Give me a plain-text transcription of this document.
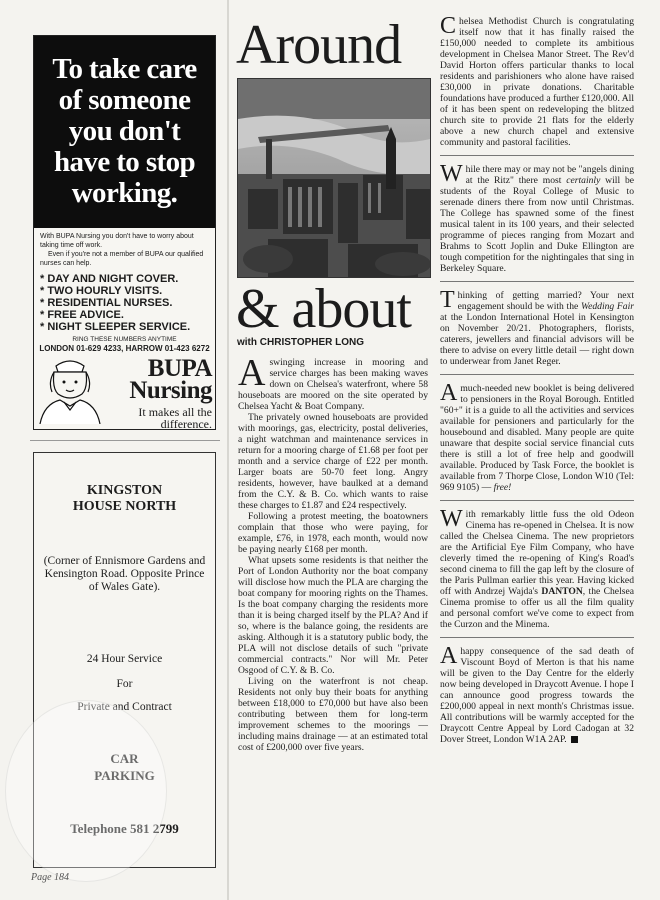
To take care of someone you don't have to stop working.
With BUPA Nursing you don't have to worry about taking time off work.
Even if you're not a member of BUPA our qualified nurses can help.
* DAY AND NIGHT COVER.
* TWO HOURLY VISITS.
* RESIDENTIAL NURSES.
* FREE ADVICE.
* NIGHT SLEEPER SERVICE.
RING THESE NUMBERS ANYTIME
LONDON 01-629 4233, HARROW 01-423 6272
BUPA
Nursing
It makes all the difference.
KINGSTON HOUSE NORTH
(Corner of Ennismore Gardens and Kensington Road. Opposite Prince of Wales Gate).
24 Hour Service
For
Private and Contract
CAR
PARKING
Telephone 581 2799
Page 184
Around
& about
with CHRISTOPHER LONG

Aswinging increase in mooring and service charges has been making waves down on Chelsea's waterfront, where 58 houseboats are moored on the site operated by Chelsea Yacht & Boat Company.

The privately owned houseboats are provided with moorings, gas, electricity, postal deliveries, a night watchman and maintenance services in return for a mooring charge of £1.68 per foot per month and a service charge of £22 per month. Larger boats are 50-70 feet long. Angry residents, however, have baulked at a demand from the C.Y. & B. Co. which wants to raise these charges to £1.87 and £24 respectively.

Following a protest meeting, the boatowners complain that those who were paying, for example, £76, in 1978, each month, would now be paying nearly £168 per month.

What upsets some residents is that neither the Port of London Authority nor the boat company will disclose how much the PLA are charging the boat company for mooring rights on the Thames. Is the boat company charging the residents more than it is being charged itself by the PLA? And if so, where is the balance going, the residents are asking. Although it is a statutory public body, the PLA will not disclose details of such "private commercial contracts." Nor will Mr. Peter Osgood of C.Y. & B. Co.

Living on the waterfront is not cheap. Residents not only buy their boats for anything between £18,000 to £70,000 but have also been contributing between them for long-term improvement schemes to the moorings — including mains drainage — at an estimated total cost of £200,000 over five years.

Chelsea Methodist Church is congratulating itself now that it has finally raised the £150,000 needed to complete its ambitious development in Chelsea Manor Street. The Rev'd David Horton offers particular thanks to local residents and parishioners who alone have raised £30,000 in private donations. Charitable foundations have produced a further £120,000. All of it has been spent on redeveloping the blitzed church site to provide 21 flats for the elderly above a new church chapel and extensive community and pastoral facilities.

While there may or may not be "angels dining at the Ritz" there most certainly will be students of the Royal College of Music to serenade diners there from now until Christmas. The College has spawned some of the finest musical talent in its 100 years, and their selected programme of pieces ranging from Mozart and Brahms to Scott Joplin and Duke Ellington are tough competition for the nightingales that sing in Berkeley Square.

Thinking of getting married? Your next engagement should be with the Wedding Fair at the London International Hotel in Kensington on November 20/21. Photographers, florists, caterers, jewellers and financial advisors will be there to advise on every little detail — right down to underwear from Janet Reger.

A much-needed new booklet is being delivered to pensioners in the Royal Borough. Entitled "60+" it is a guide to all the activities and services available for pensioners and particularly for the housebound and disabled. Many people are quite unaware that despite social service financial cuts there is still a lot of free help and goodwill available. Produced by Task Force, the booklet is available from 7 Thorpe Close, London W10 (Tel: 969 9105) — free!

With remarkably little fuss the old Odeon Cinema has re-opened in Chelsea. It is now called the Chelsea Cinema. The new proprietors are the Artificial Eye Film Company, who have cleverly timed the re-opening of King's Road's second cinema to fill the gap left by the closure of the Paris Pullman earlier this year. Having kicked off with Andrzej Wajda's DANTON, the Chelsea Cinema promise to offer us all the film quality and personal comfort we've come to expect from the Curzon and the Minema.

A happy consequence of the sad death of Viscount Boyd of Merton is that his name will be given to the Day Centre for the elderly now being developed in Draycott Avenue. I hope I can announce good progress towards the £200,000 appeal in next month's Christmas issue. All contributions will be warmly accepted for the Draycott Centre Appeal by Lord Cadogan at 32 Dover Street, London W1A 2AP.
